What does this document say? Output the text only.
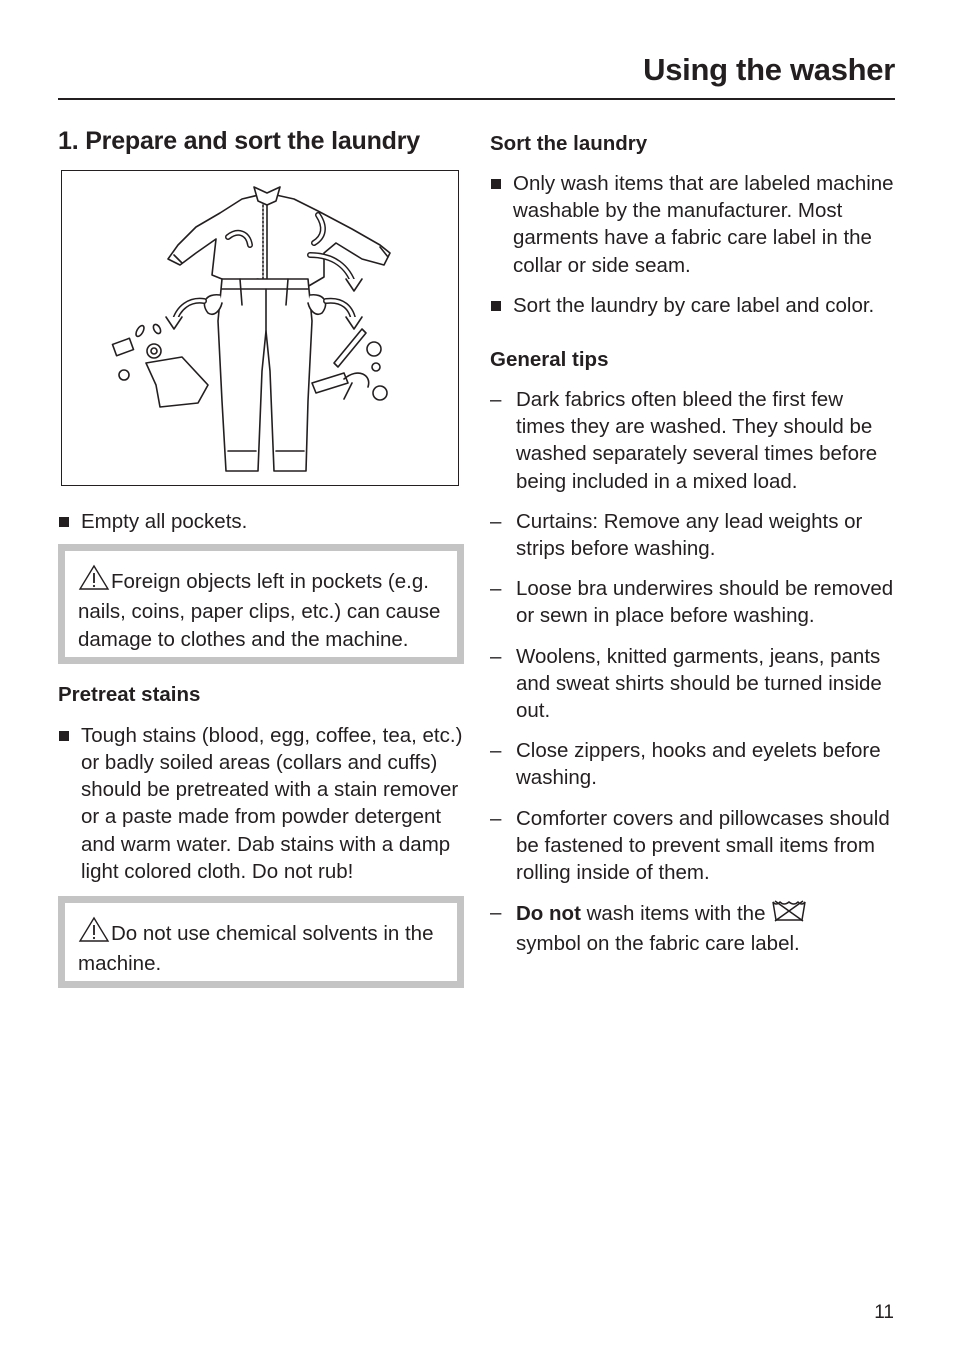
Using the washer
1. Prepare and sort the laundry

Empty all pockets.

Foreign objects left in pockets (e.g. nails, coins, paper clips, etc.) can cause damage to clothes and the machine.
Pretreat stains

Tough stains (blood, egg, coffee, tea, etc.) or badly soiled areas (collars and cuffs) should be pretreated with a stain remover or a paste made from powder detergent and warm water. Dab stains with a damp light colored cloth. Do not rub!

Do not use chemical solvents in the machine.
Sort the laundry

Only wash items that are labeled machine washable by the manufacturer. Most garments have a fabric care label in the collar or side seam.

Sort the laundry by care label and color.

General tips

– Dark fabrics often bleed the first few times they are washed. They should be washed separately several times before being included in a mixed load.

– Curtains: Remove any lead weights or strips before washing.

– Loose bra underwires should be removed or sewn in place before washing.

– Woolens, knitted garments, jeans, pants and sweat shirts should be turned inside out.

– Close zippers, hooks and eyelets before washing.

– Comforter covers and pillowcases should be fastened to prevent small items from rolling inside of them.

– Do not wash items with the
symbol on the fabric care label.

11
